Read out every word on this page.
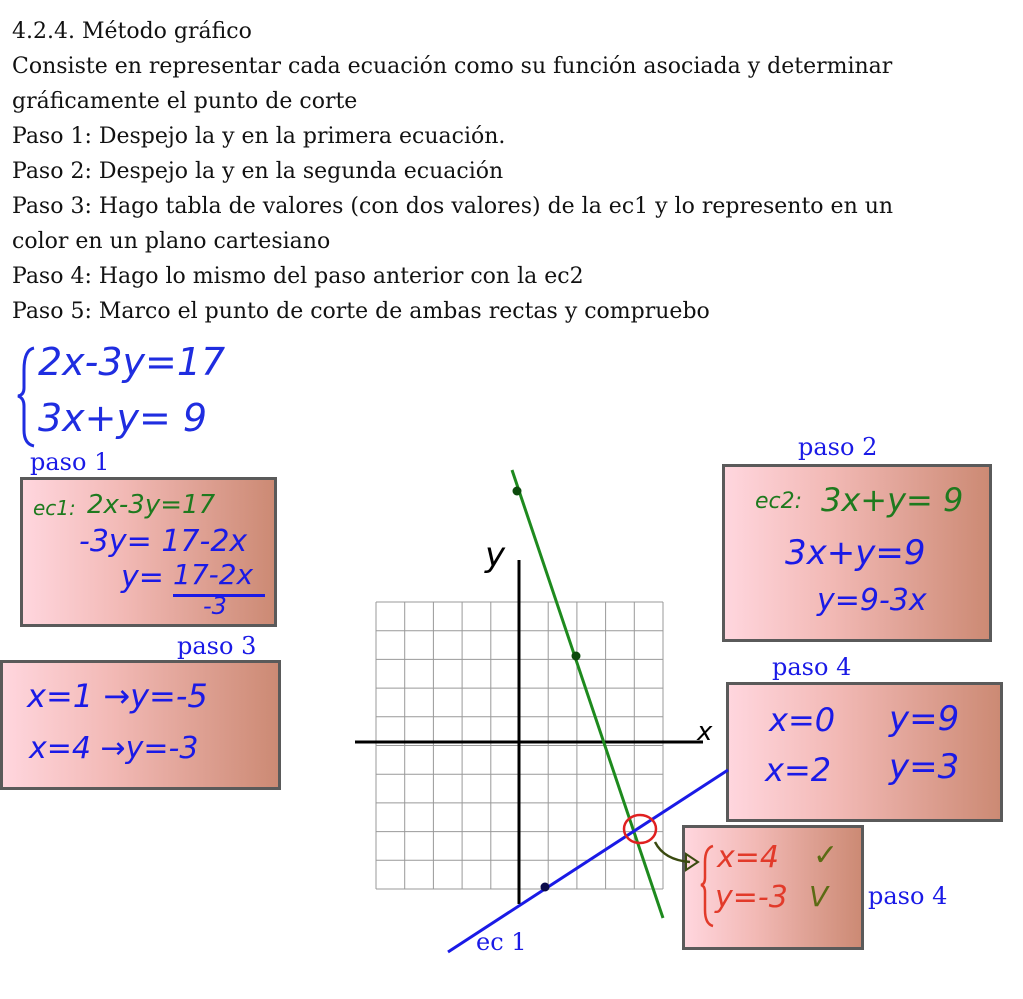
4.2.4. Método gráfico
Consiste en representar cada ecuación como su función asociada y determinar
gráficamente el punto de corte
Paso 1: Despejo la y en la primera ecuación.
Paso 2: Despejo la y en la segunda ecuación
Paso 3: Hago tabla de valores (con dos valores) de la ec1 y lo represento en un
color en un plano cartesiano
Paso 4: Hago lo mismo del paso anterior con la ec2
Paso 5: Marco el punto de corte de ambas rectas y compruebo
2x-3y=17
3x+y= 9
paso 1
paso 2
paso 3
paso 4
paso 4
ec 1
ec1: 2x-3y=17
-3y= 17-2x
y= 17-2x
-3
ec2: 3x+y= 9
3x+y=9
y=9-3x
x=1 →y=-5
x=4 →y=-3
x=0 y=9
x=2 y=3
x=4
y=-3
✓
V
x
y
